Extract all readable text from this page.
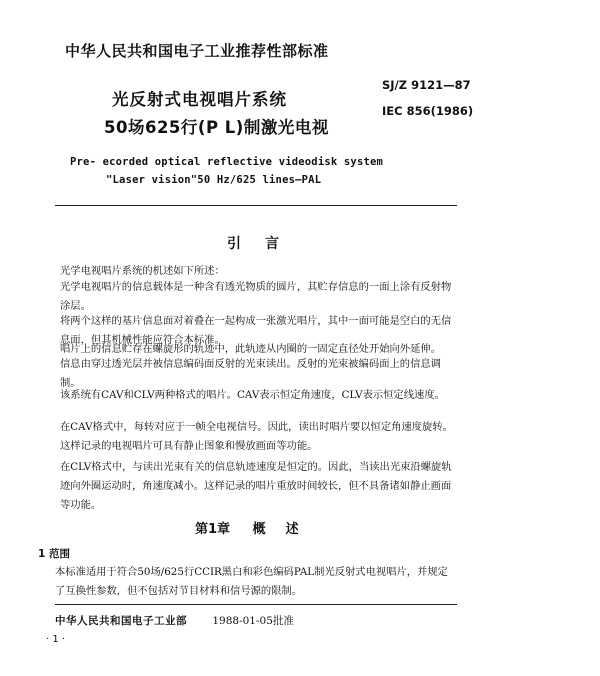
中华人民共和国电子工业推荐性部标准
光反射式电视唱片系统
50场625行(P L)制激光电视
SJ/Z 9121—87
IEC 856(1986)
Pre- ecorded optical reflective videodisk system
"Laser vision"50 Hz/625 lines—PAL
引言
光学电视唱片系统的机述如下所述：
光学电视唱片的信息载体是一种含有透光物质的圆片，其贮存信息的一面上涂有反射物涂层。
将两个这样的基片信息面对着叠在一起构成一张激光唱片，其中一面可能是空白的无信息面，但其机械性能应符合本标准。
唱片上的信息贮存在螺旋形的轨迹中，此轨迹从内圈的一固定直径处开始向外延伸。
信息由穿过透光层并被信息编码面反射的光束读出。反射的光束被编码面上的信息调制。
该系统有CAV和CLV两种格式的唱片。CAV表示恒定角速度，CLV表示恒定线速度。
在CAV格式中，每转对应于一帧全电视信号。因此，读出时唱片要以恒定角速度旋转。这样记录的电视唱片可具有静止图象和慢放画面等功能。
在CLV格式中，与读出光束有关的信息轨迹速度是恒定的。因此，当读出光束沿螺旋轨迹向外圈运动时，角速度减小。这样记录的唱片重放时间较长，但不具备诸如静止画面等功能。
第1章 概述
1 范围
本标准适用于符合50场/625行CCIR黑白和彩色编码PAL制光反射式电视唱片，并规定了互换性参数，但不包括对节目材料和信号源的限制。
中华人民共和国电子工业部 1988-01-05批准
· 1 ·
